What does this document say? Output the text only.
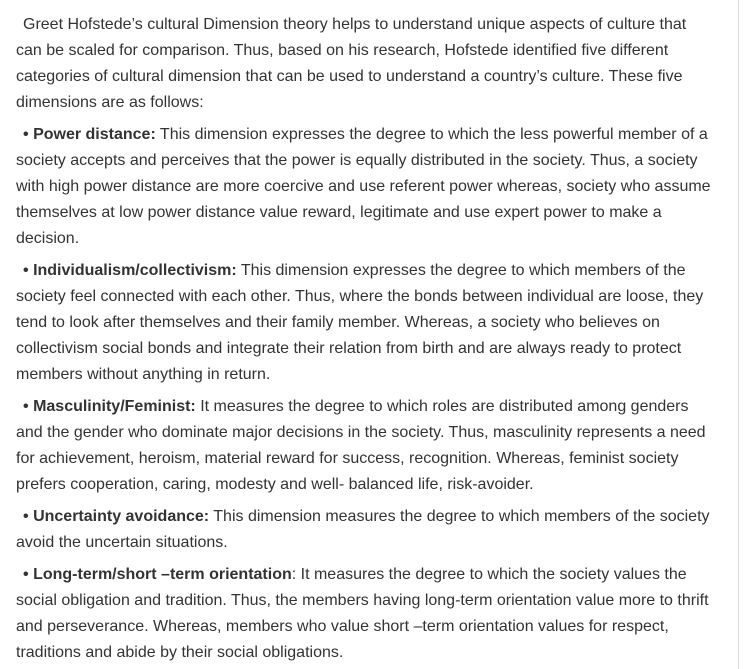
Greet Hofstede’s cultural Dimension theory helps to understand unique aspects of culture that can be scaled for comparison. Thus, based on his research, Hofstede identified five different categories of cultural dimension that can be used to understand a country’s culture. These five dimensions are as follows:

• Power distance: This dimension expresses the degree to which the less powerful member of a society accepts and perceives that the power is equally distributed in the society. Thus, a society with high power distance are more coercive and use referent power whereas, society who assume themselves at low power distance value reward, legitimate and use expert power to make a decision.

• Individualism/collectivism: This dimension expresses the degree to which members of the society feel connected with each other. Thus, where the bonds between individual are loose, they tend to look after themselves and their family member. Whereas, a society who believes on collectivism social bonds and integrate their relation from birth and are always ready to protect members without anything in return.

• Masculinity/Feminist: It measures the degree to which roles are distributed among genders and the gender who dominate major decisions in the society. Thus, masculinity represents a need for achievement, heroism, material reward for success, recognition. Whereas, feminist society prefers cooperation, caring, modesty and well- balanced life, risk-avoider.

• Uncertainty avoidance: This dimension measures the degree to which members of the society avoid the uncertain situations.

• Long-term/short –term orientation: It measures the degree to which the society values the social obligation and tradition. Thus, the members having long-term orientation value more to thrift and perseverance. Whereas, members who value short –term orientation values for respect, traditions and abide by their social obligations.
